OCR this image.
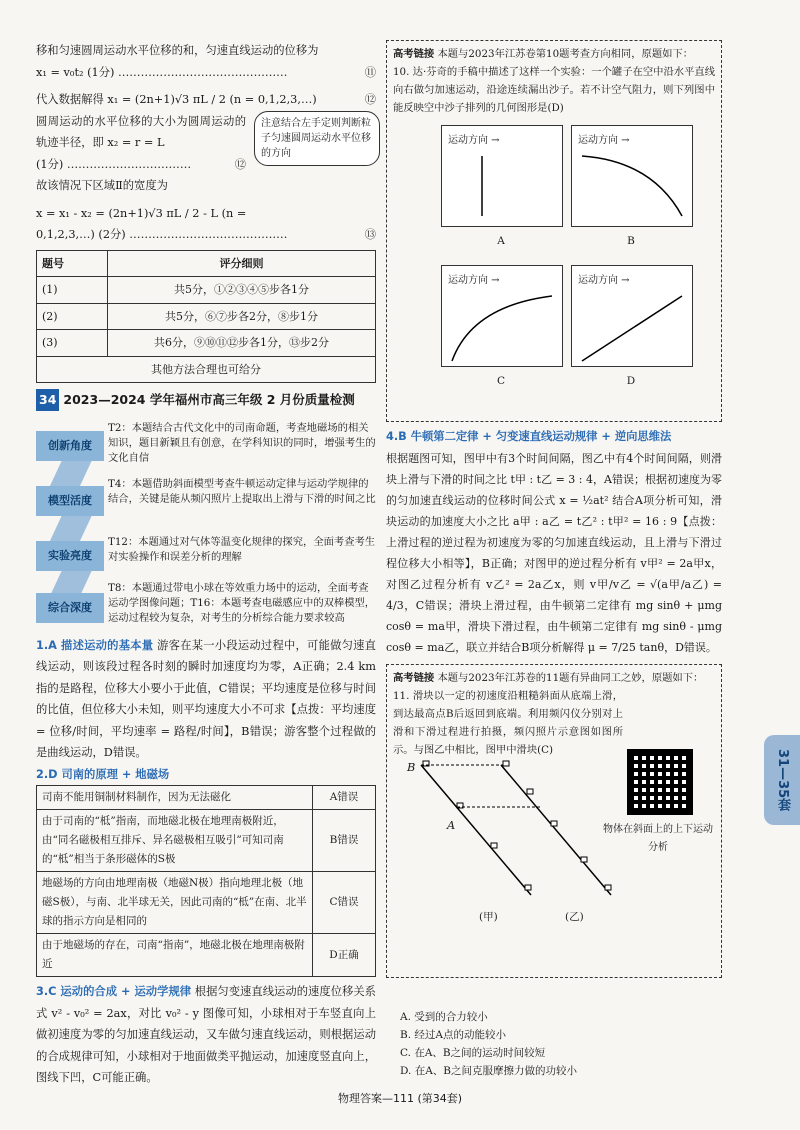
移和匀速圆周运动水平位移的和，匀速直线运动的位移为

x₁ = v₀t₂ (1分) ………………………………………	⑪

代入数据解得 x₁ = (2n+1)√3 πL / 2 (n = 0,1,2,3,…)	⑫

圆周运动的水平位移的大小为圆周运动的轨迹半径，即 x₂ = r = L

(1分) ……………………………	⑫

故该情况下区域Ⅱ的宽度为

注意结合左手定则判断粒子匀速圆周运动水平位移的方向

x = x₁ - x₂ = (2n+1)√3 πL / 2 - L (n =

0,1,2,3,…) (2分) ……………………………………	⑬

题号	评分细则
(1)	共5分，①②③④⑤步各1分
(2)	共5分，⑥⑦步各2分，⑧步1分
(3)	共6分，⑨⑩⑪⑫步各1分，⑬步2分
其他方法合理也可给分	
34 2023—2024 学年福州市高三年级 2 月份质量检测
创新角度
T2：本题结合古代文化中的司南命题，考查地磁场的相关知识，题目新颖且有创意，在学科知识的同时，增强考生的文化自信
模型活度
T4：本题借助斜面模型考查牛顿运动定律与运动学规律的结合，关键是能从频闪照片上提取出上滑与下滑的时间之比
实验亮度
T12：本题通过对气体等温变化规律的探究，全面考查考生对实验操作和误差分析的理解
综合深度
T8：本题通过带电小球在等效重力场中的运动，全面考查运动学图像问题；T16：本题考查电磁感应中的双棒模型，运动过程较为复杂，对考生的分析综合能力要求较高

1.A 描述运动的基本量 游客在某一小段运动过程中，可能做匀速直线运动，则该段过程各时刻的瞬时加速度均为零，A正确；2.4 km 指的是路程，位移大小要小于此值，C错误；平均速度是位移与时间的比值，但位移大小未知，则平均速度大小不可求【点拨：平均速度 = 位移/时间，平均速率 = 路程/时间】，B错误；游客整个过程做的是曲线运动，D错误。

2.D 司南的原理 + 地磁场

司南不能用铜制材料制作，因为无法磁化	A错误
由于司南的“柢”指南，而地磁北极在地理南极附近，由“同名磁极相互排斥、异名磁极相互吸引”可知司南的“柢”相当于条形磁体的S极	B错误
地磁场的方向由地理南极（地磁N极）指向地理北极（地磁S极），与南、北半球无关，因此司南的“柢”在南、北半球的指示方向是相同的	C错误
由于地磁场的存在，司南“指南”，地磁北极在地理南极附近	D正确

3.C 运动的合成 + 运动学规律 根据匀变速直线运动的速度位移关系式 v² - v₀² = 2ax，对比 v₀² - y 图像可知，小球相对于车竖直向上做初速度为零的匀加速直线运动，又车做匀速直线运动，则根据运动的合成规律可知，小球相对于地面做类平抛运动，加速度竖直向上，图线下凹，C可能正确。

高考链接 本题与2023年江苏卷第10题考查方向相同，原题如下：

10. 达·芬奇的手稿中描述了这样一个实验：一个罐子在空中沿水平直线向右做匀加速运动，沿途连续漏出沙子。若不计空气阻力，则下列图中能反映空中沙子排列的几何图形是(D)

运动方向 →
A
运动方向 →
B
运动方向 →
C
运动方向 →
D

4.B 牛顿第二定律 + 匀变速直线运动规律 + 逆向思维法

根据题图可知，图甲中有3个时间间隔，图乙中有4个时间间隔，则滑块上滑与下滑的时间之比 t甲 : t乙 = 3 : 4，A错误；根据初速度为零的匀加速直线运动的位移时间公式 x = ½at² 结合A项分析可知，滑块运动的加速度大小之比 a甲 : a乙 = t乙² : t甲² = 16 : 9【点拨：上滑过程的逆过程为初速度为零的匀加速直线运动，且上滑与下滑过程位移大小相等】，B正确；对图甲的逆过程分析有 v甲² = 2a甲x，对图乙过程分析有 v乙² = 2a乙x，则 v甲/v乙 = √(a甲/a乙) = 4/3，C错误；滑块上滑过程，由牛顿第二定律有 mg sinθ + μmg cosθ = ma甲，滑块下滑过程，由牛顿第二定律有 mg sinθ - μmg cosθ = ma乙，联立并结合B项分析解得 μ = 7/25 tanθ，D错误。

高考链接 本题与2023年江苏卷的11题有异曲同工之妙，原题如下：

11. 滑块以一定的初速度沿粗糙斜面从底端上滑，到达最高点B后返回到底端。利用频闪仪分别对上滑和下滑过程进行拍摄，频闪照片示意图如图所示。与图乙中相比，图甲中滑块(C)

B
A
(甲)	(乙)
物体在斜面上的上下运动分析
A. 受到的合力较小
B. 经过A点的动能较小
C. 在A、B之间的运动时间较短
D. 在A、B之间克服摩擦力做的功较小
31—35套
物理答案—111 (第34套)
